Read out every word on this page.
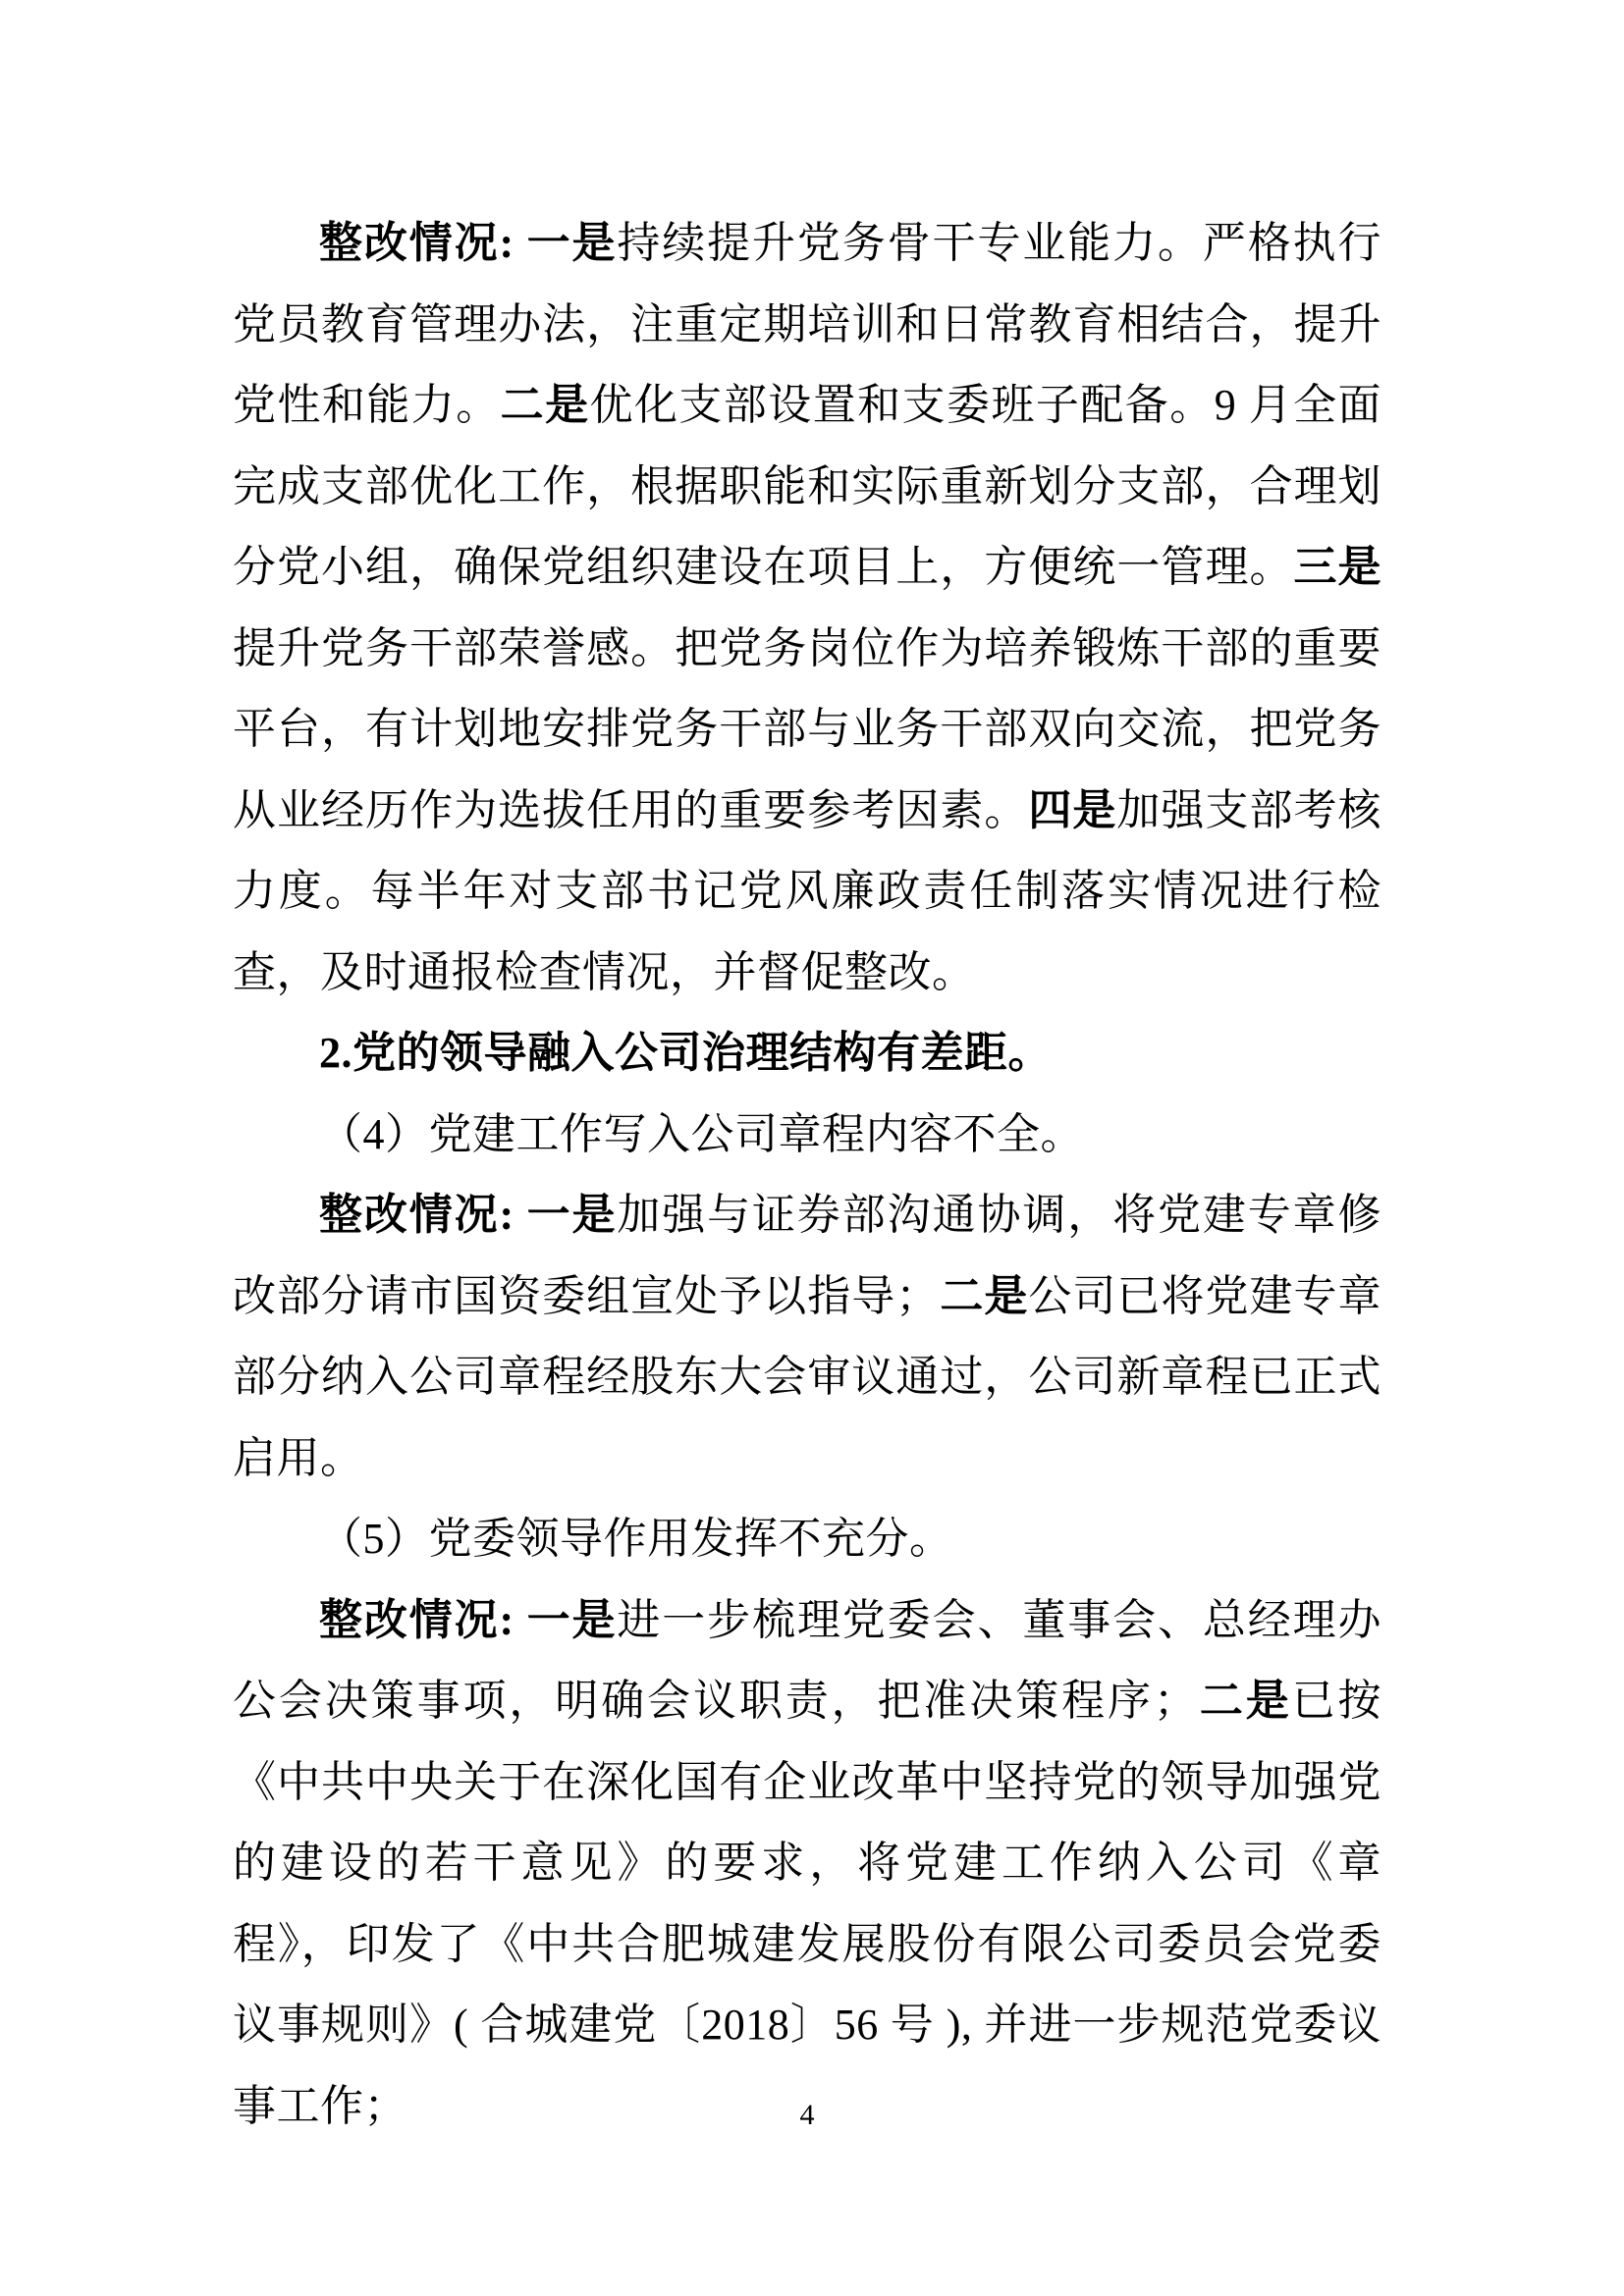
整改情况: 一是持续提升党务骨干专业能力。严格执行党员教育管理办法，注重定期培训和日常教育相结合，提升党性和能力。二是优化支部设置和支委班子配备。9 月全面完成支部优化工作，根据职能和实际重新划分支部，合理划分党小组，确保党组织建设在项目上，方便统一管理。三是提升党务干部荣誉感。把党务岗位作为培养锻炼干部的重要平台，有计划地安排党务干部与业务干部双向交流，把党务从业经历作为选拔任用的重要参考因素。四是加强支部考核力度。每半年对支部书记党风廉政责任制落实情况进行检查，及时通报检查情况，并督促整改。

2.党的领导融入公司治理结构有差距。

（4）党建工作写入公司章程内容不全。

整改情况: 一是加强与证券部沟通协调，将党建专章修改部分请市国资委组宣处予以指导；二是公司已将党建专章部分纳入公司章程经股东大会审议通过，公司新章程已正式启用。

（5）党委领导作用发挥不充分。

整改情况: 一是进一步梳理党委会、董事会、总经理办公会决策事项，明确会议职责，把准决策程序；二是已按《中共中央关于在深化国有企业改革中坚持党的领导加强党的建设的若干意见》的要求，将党建工作纳入公司《章程》，印发了《中共合肥城建发展股份有限公司委员会党委议事规则》( 合城建党〔2018〕56 号 ), 并进一步规范党委议事工作；	4
